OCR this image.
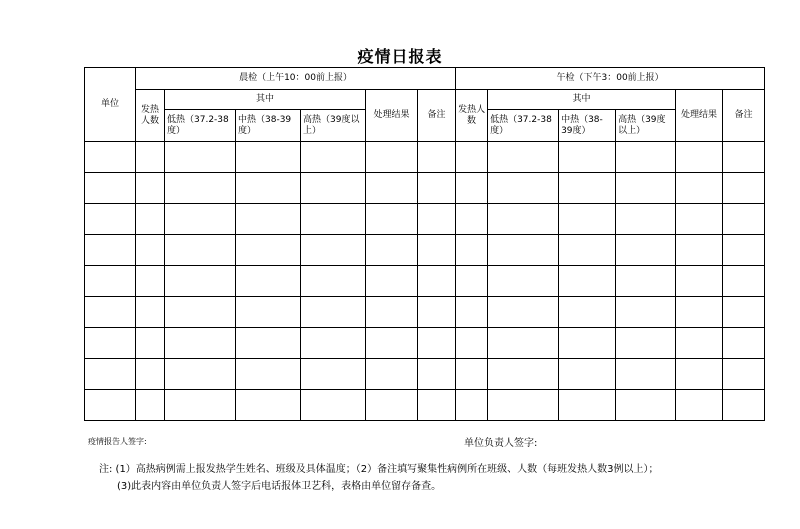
疫情日报表
单位	晨检（上午10：00前上报）						午检（下午3：00前上报）					
	发热人数	其中			处理结果	备注	发热人数	其中			处理结果	备注
		低热（37.2-38度）	中热（38-39度）	高热（39度以上）				低热（37.2-38度）	中热（38-39度）	高热（39度以上）		

疫情报告人签字:	单位负责人签字:
注: (1）高热病例需上报发热学生姓名、班级及具体温度；（2）备注填写聚集性病例所在班级、人数（每班发热人数3例以上）；
(3)此表内容由单位负责人签字后电话报体卫艺科，表格由单位留存备查。
